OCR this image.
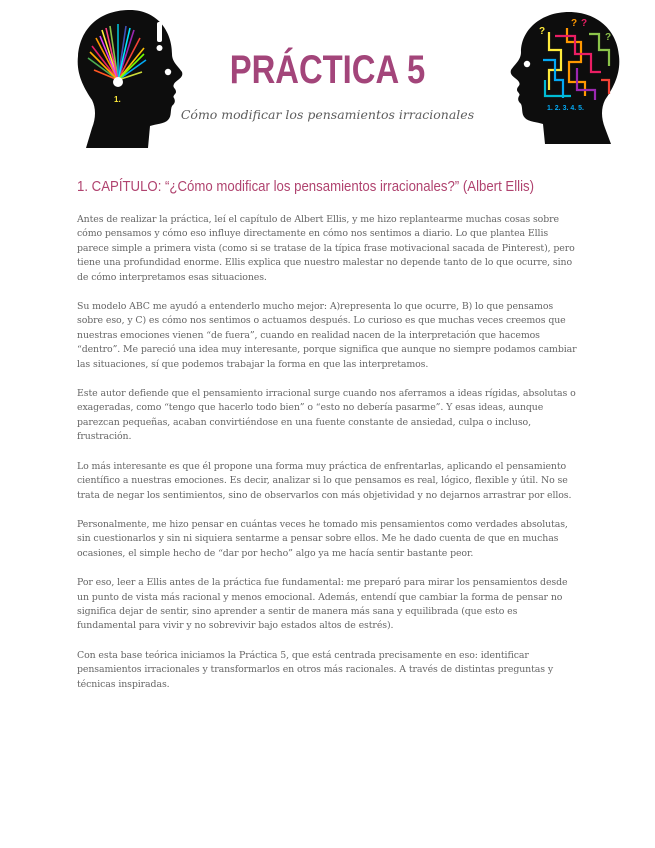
1.
?
? ?
?
1. 2. 3. 4. 5.
PRÁCTICA 5
Cómo modificar los pensamientos irracionales
1. CAPÍTULO: “¿Cómo modificar los pensamientos irracionales?” (Albert Ellis)

Antes de realizar la práctica, leí el capítulo de Albert Ellis, y me hizo replantearme muchas cosas sobre cómo pensamos y cómo eso influye directamente en cómo nos sentimos a diario. Lo que plantea Ellis parece simple a primera vista (como si se tratase de la típica frase motivacional sacada de Pinterest), pero tiene una profundidad enorme. Ellis explica que nuestro malestar no depende tanto de lo que ocurre, sino de cómo interpretamos esas situaciones.

Su modelo ABC me ayudó a entenderlo mucho mejor: A)representa lo que ocurre, B) lo que pensamos sobre eso, y C) es cómo nos sentimos o actuamos después. Lo curioso es que muchas veces creemos que nuestras emociones vienen “de fuera”, cuando en realidad nacen de la interpretación que hacemos “dentro”. Me pareció una idea muy interesante, porque significa que aunque no siempre podamos cambiar las situaciones, sí que podemos trabajar la forma en que las interpretamos.

Este autor defiende que el pensamiento irracional surge cuando nos aferramos a ideas rígidas, absolutas o exageradas, como “tengo que hacerlo todo bien” o “esto no debería pasarme”. Y esas ideas, aunque parezcan pequeñas, acaban convirtiéndose en una fuente constante de ansiedad, culpa o incluso, frustración.

Lo más interesante es que él propone una forma muy práctica de enfrentarlas, aplicando el pensamiento científico a nuestras emociones. Es decir, analizar si lo que pensamos es real, lógico, flexible y útil. No se trata de negar los sentimientos, sino de observarlos con más objetividad y no dejarnos arrastrar por ellos.

Personalmente, me hizo pensar en cuántas veces he tomado mis pensamientos como verdades absolutas, sin cuestionarlos y sin ni siquiera sentarme a pensar sobre ellos. Me he dado cuenta de que en muchas ocasiones, el simple hecho de “dar por hecho” algo ya me hacía sentir bastante peor.

Por eso, leer a Ellis antes de la práctica fue fundamental: me preparó para mirar los pensamientos desde un punto de vista más racional y menos emocional. Además, entendí que cambiar la forma de pensar no significa dejar de sentir, sino aprender a sentir de manera más sana y equilibrada (que esto es fundamental para vivir y no sobrevivir bajo estados altos de estrés).

Con esta base teórica iniciamos la Práctica 5, que está centrada precisamente en eso: identificar pensamientos irracionales y transformarlos en otros más racionales. A través de distintas preguntas y técnicas inspiradas.
